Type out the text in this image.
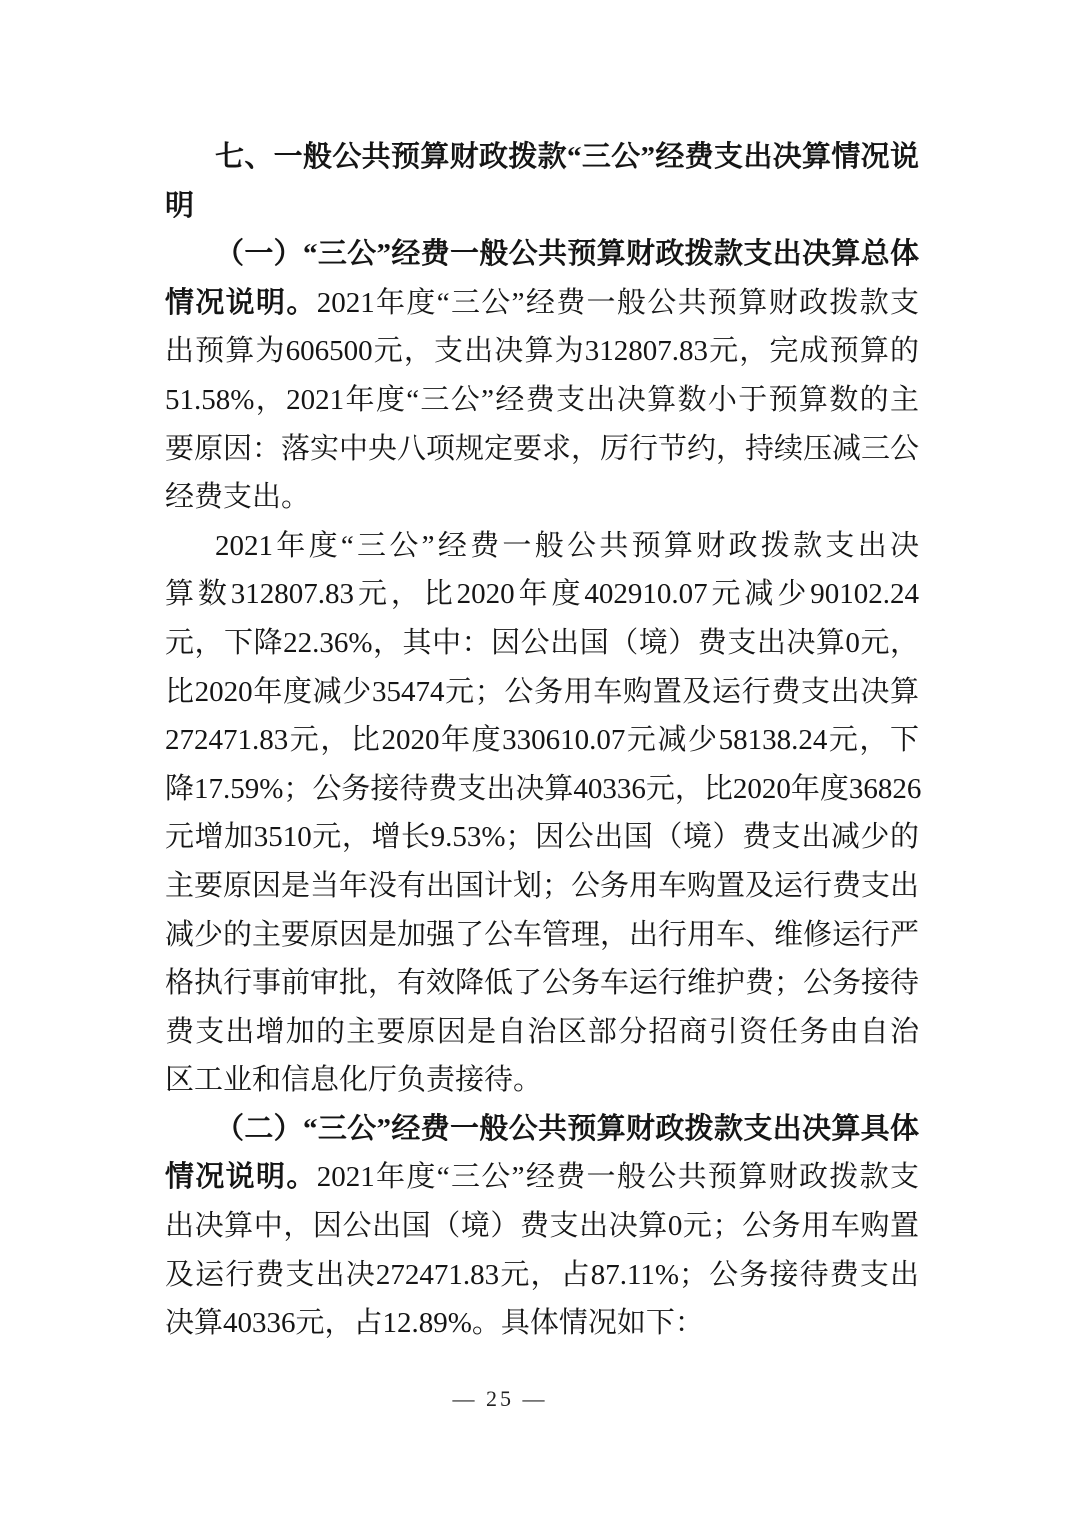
七、一般公共预算财政拨款“三公”经费支出决算情况说
明
（一）“三公”经费一般公共预算财政拨款支出决算总体
情况说明。2021年度“三公”经费一般公共预算财政拨款支
出预算为606500元，支出决算为312807.83元，完成预算的
51.58%，2021年度“三公”经费支出决算数小于预算数的主
要原因：落实中央八项规定要求，厉行节约，持续压减三公
经费支出。
2021年度“三公”经费一般公共预算财政拨款支出决
算数312807.83元，比2020年度402910.07元减少90102.24
元，下降22.36%，其中：因公出国（境）费支出决算0元，
比2020年度减少35474元；公务用车购置及运行费支出决算
272471.83元，比2020年度330610.07元减少58138.24元，下
降17.59%；公务接待费支出决算40336元，比2020年度36826
元增加3510元，增长9.53%；因公出国（境）费支出减少的
主要原因是当年没有出国计划；公务用车购置及运行费支出
减少的主要原因是加强了公车管理，出行用车、维修运行严
格执行事前审批，有效降低了公务车运行维护费；公务接待
费支出增加的主要原因是自治区部分招商引资任务由自治
区工业和信息化厅负责接待。
（二）“三公”经费一般公共预算财政拨款支出决算具体
情况说明。2021年度“三公”经费一般公共预算财政拨款支
出决算中，因公出国（境）费支出决算0元；公务用车购置
及运行费支出决272471.83元，占87.11%；公务接待费支出
决算40336元，占12.89%。具体情况如下：
— 25 —
